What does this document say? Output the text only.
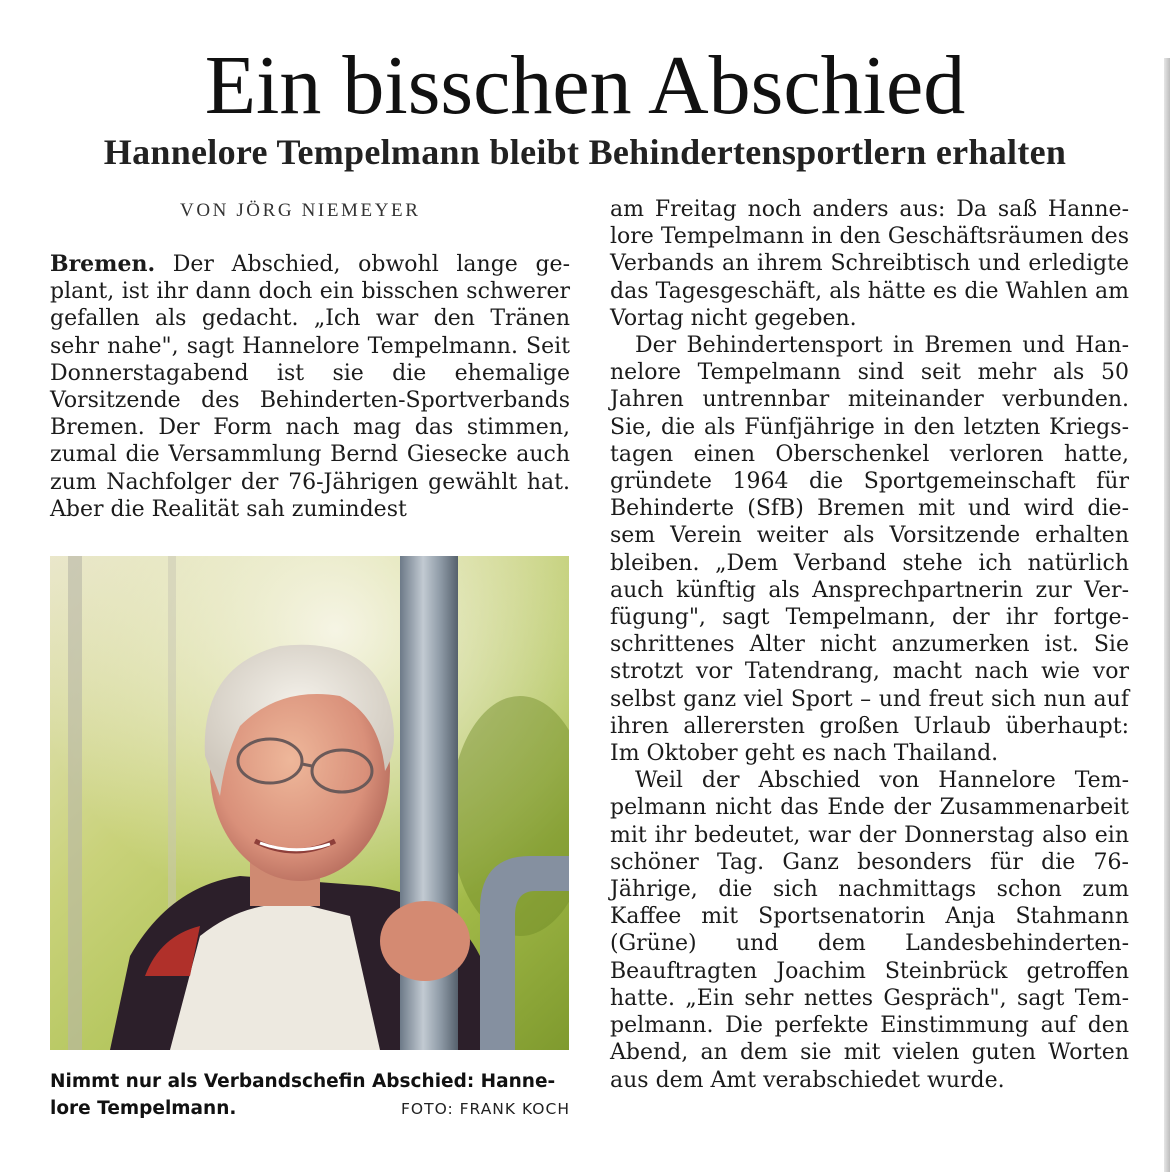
Ein bisschen Abschied
Hannelore Tempelmann bleibt Behindertensportlern erhalten
VON JÖRG NIEMEYER

Bremen. Der Abschied, obwohl lange geplant, ist ihr dann doch ein bisschen schwerer gefallen als gedacht. „Ich war den Tränen sehr nahe", sagt Hannelore Tempelmann. Seit Donnerstagabend ist sie die ehemalige Vorsitzende des Behinderten-Sportverbands Bremen. Der Form nach mag das stimmen, zumal die Versammlung Bernd Giesecke auch zum Nachfolger der 76-Jährigen gewählt hat. Aber die Realität sah zumindest

Nimmt nur als Verbandschefin Abschied: Hannelore Tempelmann.	FOTO: FRANK KOCH

am Freitag noch anders aus: Da saß Hannelore Tempelmann in den Geschäftsräumen des Verbands an ihrem Schreibtisch und erledigte das Tagesgeschäft, als hätte es die Wahlen am Vortag nicht gegeben.

Der Behindertensport in Bremen und Hannelore Tempelmann sind seit mehr als 50 Jahren untrennbar miteinander verbunden. Sie, die als Fünfjährige in den letzten Kriegstagen einen Oberschenkel verloren hatte, gründete 1964 die Sportgemeinschaft für Behinderte (SfB) Bremen mit und wird diesem Verein weiter als Vorsitzende erhalten bleiben. „Dem Verband stehe ich natürlich auch künftig als Ansprechpartnerin zur Verfügung", sagt Tempelmann, der ihr fortgeschrittenes Alter nicht anzumerken ist. Sie strotzt vor Tatendrang, macht nach wie vor selbst ganz viel Sport – und freut sich nun auf ihren allerersten großen Urlaub überhaupt: Im Oktober geht es nach Thailand.

Weil der Abschied von Hannelore Tempelmann nicht das Ende der Zusammenarbeit mit ihr bedeutet, war der Donnerstag also ein schöner Tag. Ganz besonders für die 76-Jährige, die sich nachmittags schon zum Kaffee mit Sportsenatorin Anja Stahmann (Grüne) und dem Landesbehinderten-Beauftragten Joachim Steinbrück getroffen hatte. „Ein sehr nettes Gespräch", sagt Tempelmann. Die perfekte Einstimmung auf den Abend, an dem sie mit vielen guten Worten aus dem Amt verabschiedet wurde.
